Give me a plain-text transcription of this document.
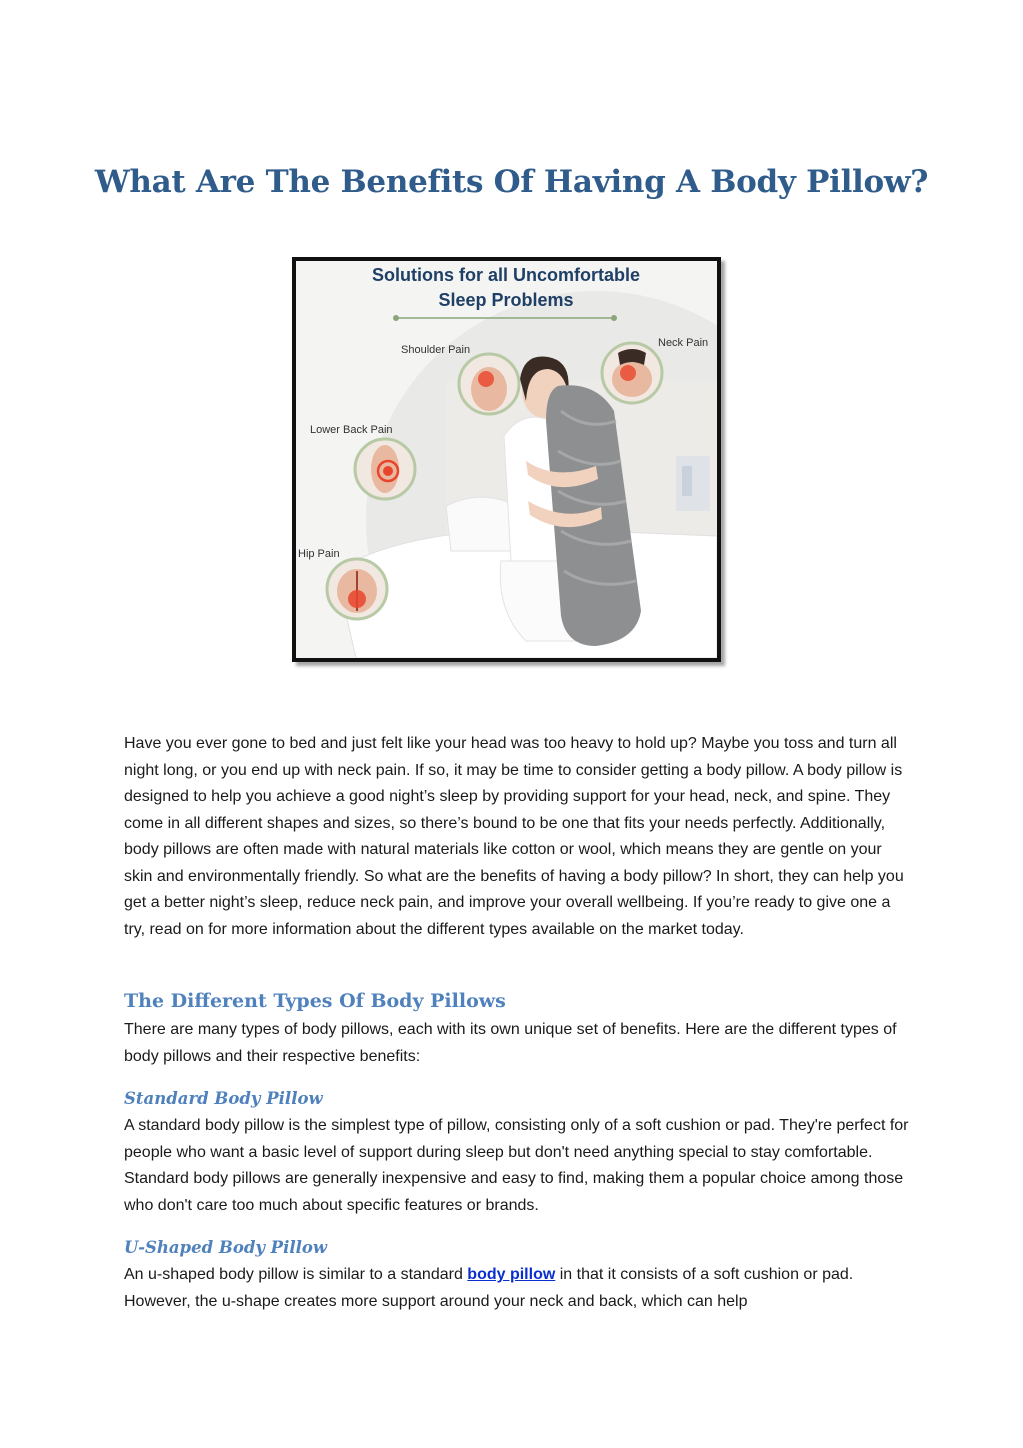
What Are The Benefits Of Having A Body Pillow?
Solutions for all Uncomfortable
Sleep Problems
Shoulder Pain
Neck Pain
Lower Back Pain
Hip Pain

Have you ever gone to bed and just felt like your head was too heavy to hold up? Maybe you toss and turn all night long, or you end up with neck pain. If so, it may be time to consider getting a body pillow. A body pillow is designed to help you achieve a good night’s sleep by providing support for your head, neck, and spine. They come in all different shapes and sizes, so there’s bound to be one that fits your needs perfectly. Additionally, body pillows are often made with natural materials like cotton or wool, which means they are gentle on your skin and environmentally friendly. So what are the benefits of having a body pillow? In short, they can help you get a better night’s sleep, reduce neck pain, and improve your overall wellbeing. If you’re ready to give one a try, read on for more information about the different types available on the market today.

The Different Types Of Body Pillows

There are many types of body pillows, each with its own unique set of benefits. Here are the different types of body pillows and their respective benefits:

Standard Body Pillow

A standard body pillow is the simplest type of pillow, consisting only of a soft cushion or pad. They're perfect for people who want a basic level of support during sleep but don't need anything special to stay comfortable. Standard body pillows are generally inexpensive and easy to find, making them a popular choice among those who don't care too much about specific features or brands.

U-Shaped Body Pillow

An u-shaped body pillow is similar to a standard body pillow in that it consists of a soft cushion or pad. However, the u-shape creates more support around your neck and back, which can help
